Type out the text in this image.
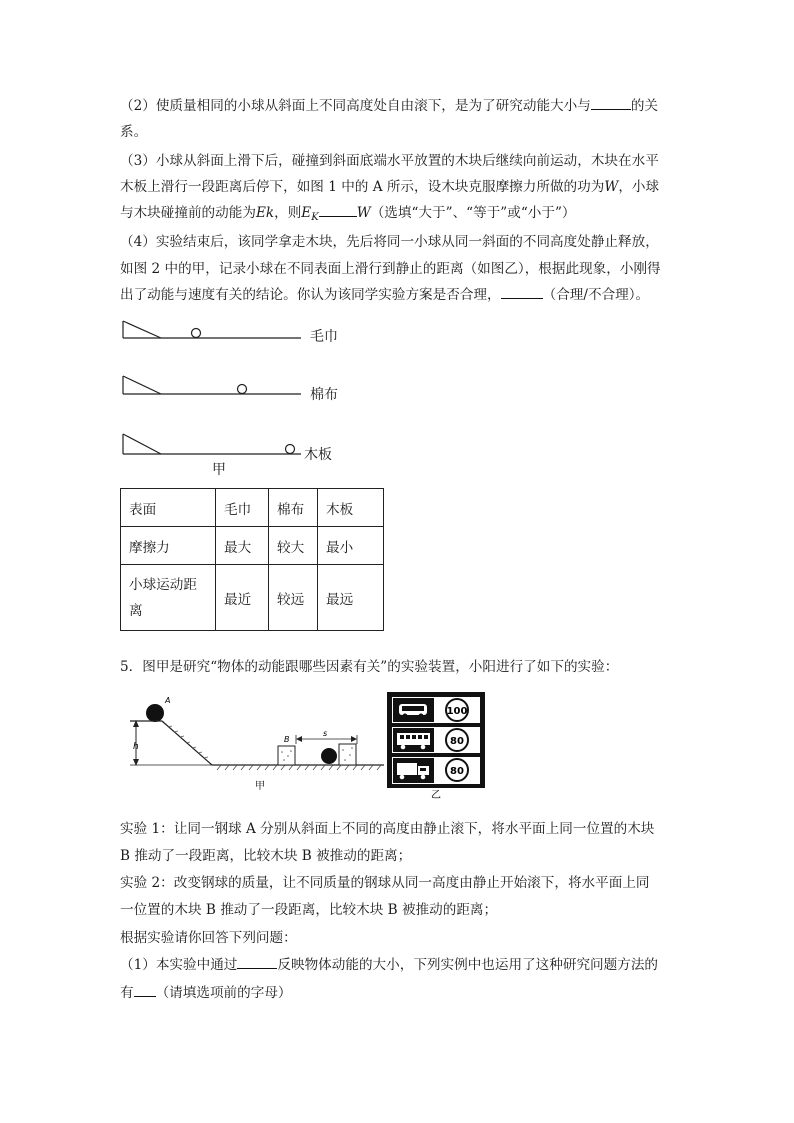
（2）使质量相同的小球从斜面上不同高度处自由滚下，是为了研究动能大小与	的关
系。
（3）小球从斜面上滑下后，碰撞到斜面底端水平放置的木块后继续向前运动，木块在水平
木板上滑行一段距离后停下，如图 1 中的 A 所示，设木块克服摩擦力所做的功为W，小球
与木块碰撞前的动能为Ek，则$E_K$	W（选填“大于”、“等于”或“小于”）
（4）实验结束后，该同学拿走木块，先后将同一小球从同一斜面的不同高度处静止释放，
如图 2 中的甲，记录小球在不同表面上滑行到静止的距离（如图乙），根据此现象，小刚得
出了动能与速度有关的结论。你认为该同学实验方案是否合理，	（合理/不合理）。
毛巾
棉布
木板
甲
表面	毛巾	棉布	木板
摩擦力	最大	较大	最小
小球运动距离	最近	较远	最远
5．图甲是研究“物体的动能跟哪些因素有关”的实验装置，小阳进行了如下的实验：
A
h
B
s
甲
100
80
80
乙
实验 1：让同一钢球 A 分别从斜面上不同的高度由静止滚下，将水平面上同一位置的木块
B 推动了一段距离，比较木块 B 被推动的距离；
实验 2：改变钢球的质量，让不同质量的钢球从同一高度由静止开始滚下，将水平面上同
一位置的木块 B 推动了一段距离，比较木块 B 被推动的距离；
根据实验请你回答下列问题：
（1）本实验中通过	反映物体动能的大小，下列实例中也运用了这种研究问题方法的
有 （请填选项前的字母）
